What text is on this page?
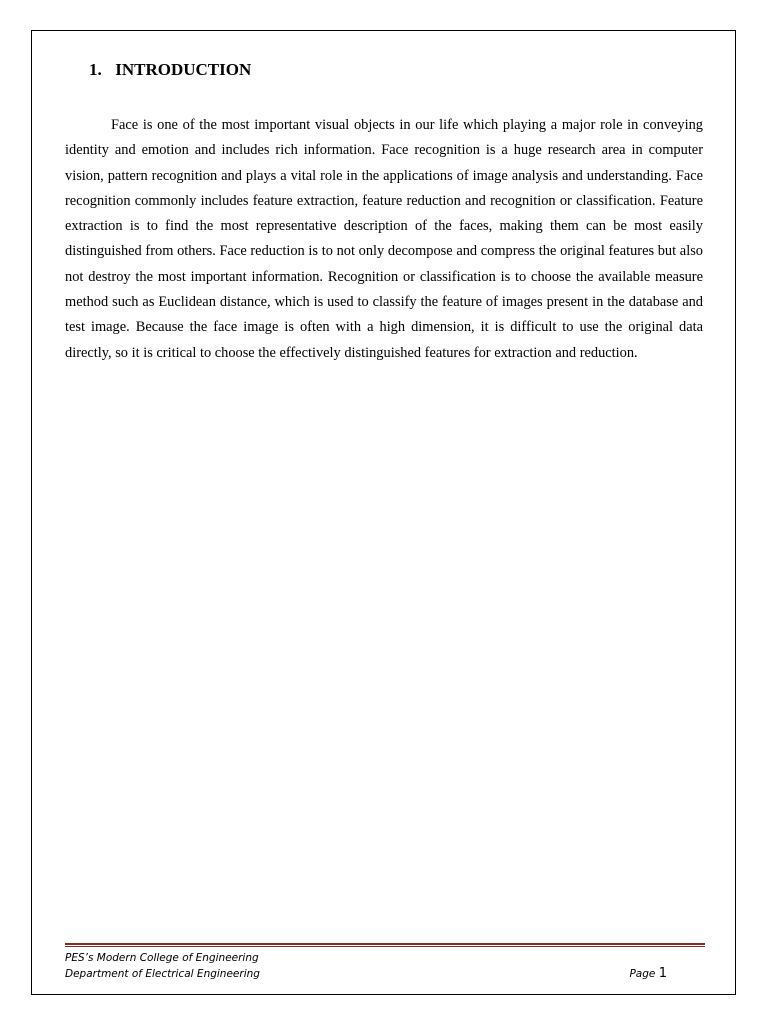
1. INTRODUCTION

Face is one of the most important visual objects in our life which playing a major role in conveying identity and emotion and includes rich information. Face recognition is a huge research area in computer vision, pattern recognition and plays a vital role in the applications of image analysis and understanding. Face recognition commonly includes feature extraction, feature reduction and recognition or classification. Feature extraction is to find the most representative description of the faces, making them can be most easily distinguished from others. Face reduction is to not only decompose and compress the original features but also not destroy the most important information. Recognition or classification is to choose the available measure method such as Euclidean distance, which is used to classify the feature of images present in the database and test image. Because the face image is often with a high dimension, it is difficult to use the original data directly, so it is critical to choose the effectively distinguished features for extraction and reduction.

PES’s Modern College of Engineering
Department of Electrical Engineering	Page 1
